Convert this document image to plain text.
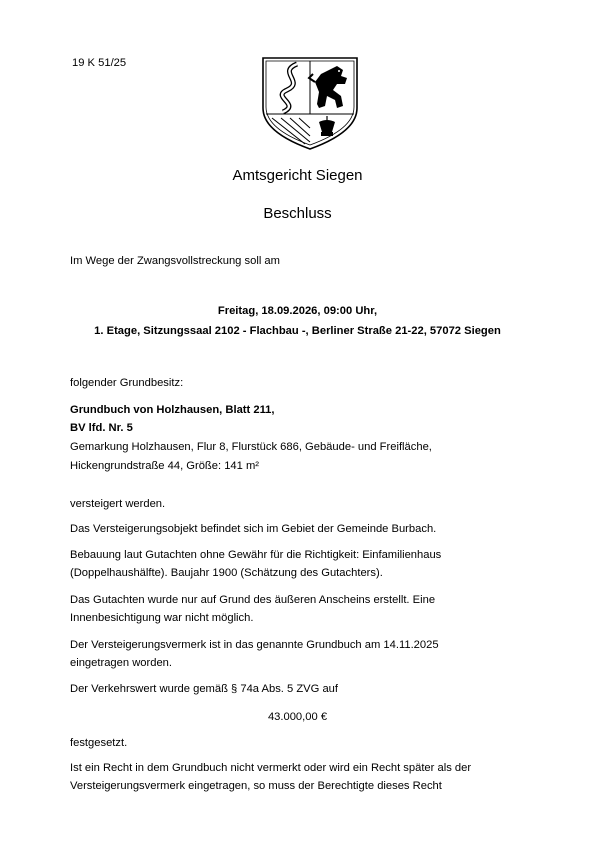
19 K 51/25
Amtsgericht Siegen
Beschluss
Im Wege der Zwangsvollstreckung soll am
Freitag, 18.09.2026, 09:00 Uhr,
1. Etage, Sitzungssaal 2102 - Flachbau -, Berliner Straße 21-22, 57072 Siegen
folgender Grundbesitz:
Grundbuch von Holzhausen, Blatt 211,
BV lfd. Nr. 5
Gemarkung Holzhausen, Flur 8, Flurstück 686, Gebäude- und Freifläche,
Hickengrundstraße 44, Größe: 141 m²
versteigert werden.
Das Versteigerungsobjekt befindet sich im Gebiet der Gemeinde Burbach.
Bebauung laut Gutachten ohne Gewähr für die Richtigkeit: Einfamilienhaus
(Doppelhaushälfte). Baujahr 1900 (Schätzung des Gutachters).
Das Gutachten wurde nur auf Grund des äußeren Anscheins erstellt. Eine
Innenbesichtigung war nicht möglich.
Der Versteigerungsvermerk ist in das genannte Grundbuch am 14.11.2025
eingetragen worden.
Der Verkehrswert wurde gemäß § 74a Abs. 5 ZVG auf
43.000,00 €
festgesetzt.
Ist ein Recht in dem Grundbuch nicht vermerkt oder wird ein Recht später als der
Versteigerungsvermerk eingetragen, so muss der Berechtigte dieses Recht
